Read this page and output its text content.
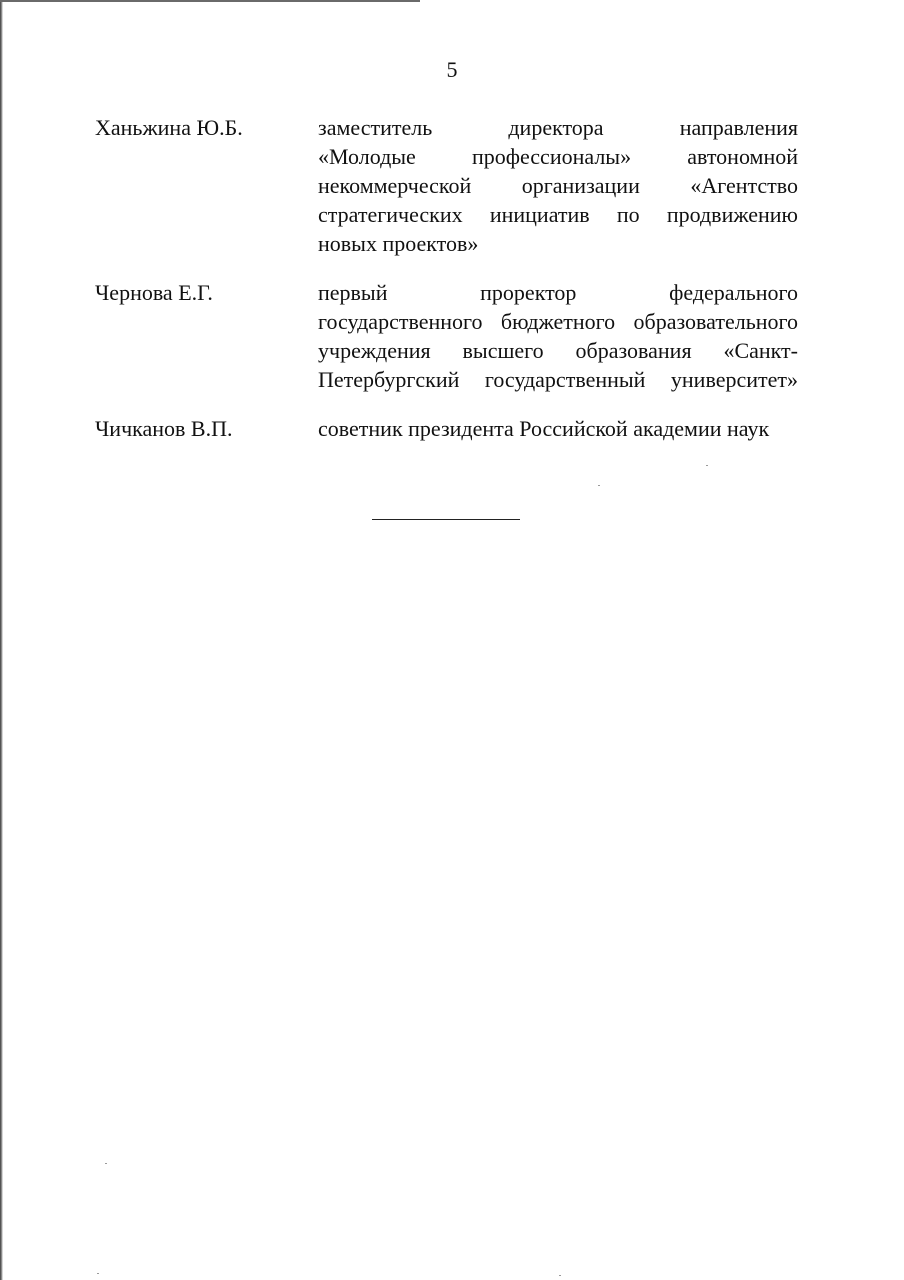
5
Ханьжина Ю.Б.	заместитель директора направления
«Молодые профессионалы» автономной
некоммерческой организации «Агентство
стратегических инициатив по продвижению
новых проектов»
Чернова Е.Г.	первый проректор федерального
государственного бюджетного образовательного
учреждения высшего образования «Санкт-
Петербургский государственный университет»
Чичканов В.П.	советник президента Российской академии наук
